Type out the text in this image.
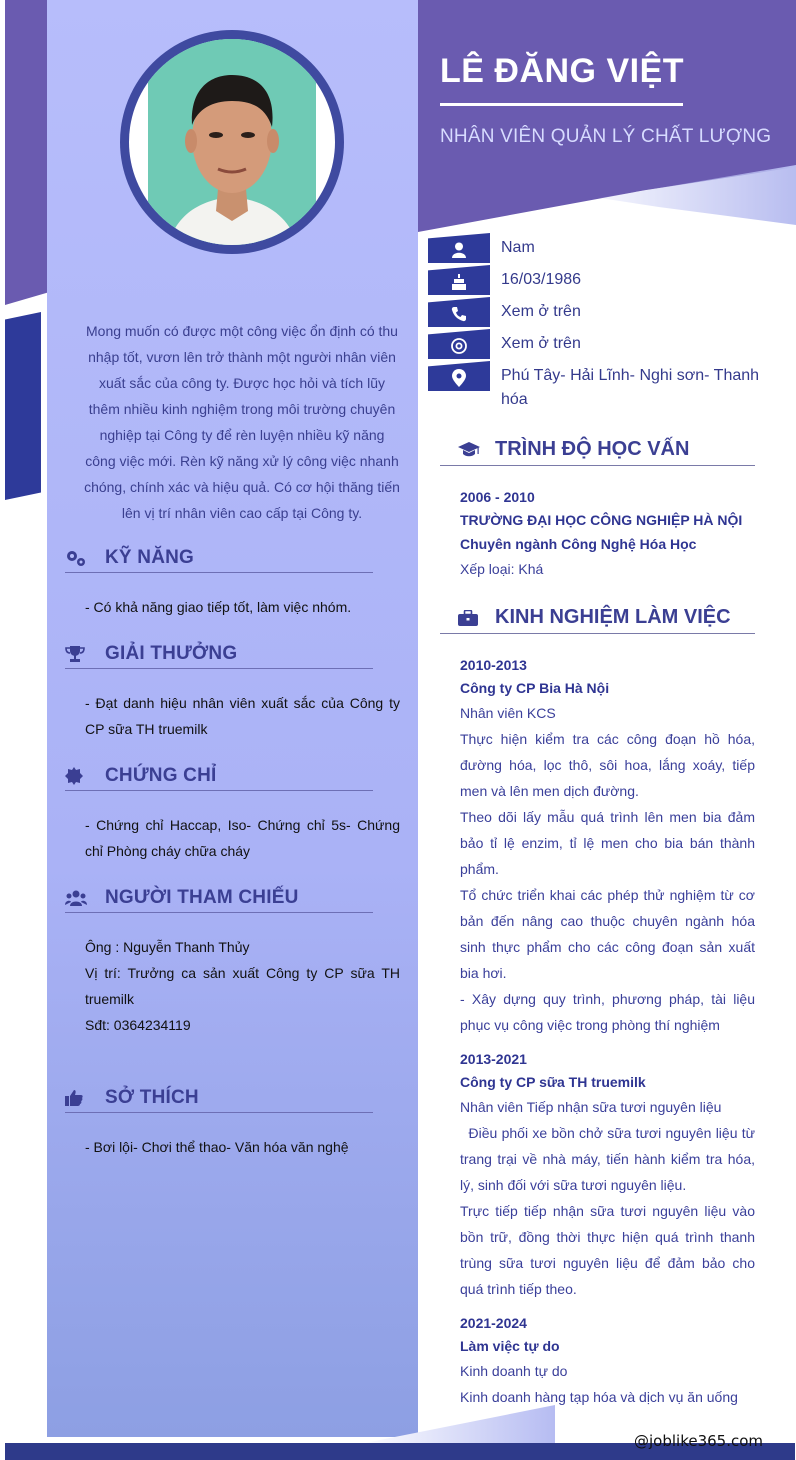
Mong muốn có được một công việc ổn định có thu nhập tốt, vươn lên trở thành một người nhân viên xuất sắc của công ty. Được học hỏi và tích lũy thêm nhiều kinh nghiệm trong môi trường chuyên nghiệp tại Công ty để rèn luyện nhiều kỹ năng công việc mới. Rèn kỹ năng xử lý công việc nhanh chóng, chính xác và hiệu quả. Có cơ hội thăng tiến lên vị trí nhân viên cao cấp tại Công ty.

KỸ NĂNG

- Có khả năng giao tiếp tốt, làm việc nhóm.

GIẢI THƯỞNG

- Đạt danh hiệu nhân viên xuất sắc của Công ty CP sữa TH truemilk

CHỨNG CHỈ

- Chứng chỉ Haccap, Iso- Chứng chỉ 5s- Chứng chỉ Phòng cháy chữa cháy

NGƯỜI THAM CHIẾU

Ông : Nguyễn Thanh Thủy

Vị trí: Trưởng ca sản xuất Công ty CP sữa TH truemilk

Sđt: 0364234119

SỞ THÍCH

- Bơi lội- Chơi thể thao- Văn hóa văn nghệ

LÊ ĐĂNG VIỆT
NHÂN VIÊN QUẢN LÝ CHẤT LƯỢNG
Nam
16/03/1986
Xem ở trên
Xem ở trên
Phú Tây- Hải Lĩnh- Nghi sơn- Thanh hóa
TRÌNH ĐỘ HỌC VẤN
2006 - 2010
TRƯỜNG ĐẠI HỌC CÔNG NGHIỆP HÀ NỘI
Chuyên ngành Công Nghệ Hóa Học

Xếp loại: Khá

KINH NGHIỆM LÀM VIỆC
2010-2013
Công ty CP Bia Hà Nội

Nhân viên KCS

Thực hiện kiểm tra các công đoạn hồ hóa, đường hóa, lọc thô, sôi hoa, lắng xoáy, tiếp men và lên men dịch đường.

Theo dõi lấy mẫu quá trình lên men bia đảm bảo tỉ lệ enzim, tỉ lệ men cho bia bán thành phẩm.

Tổ chức triển khai các phép thử nghiệm từ cơ bản đến nâng cao thuộc chuyên ngành hóa sinh thực phẩm cho các công đoạn sản xuất bia hơi.

- Xây dựng quy trình, phương pháp, tài liệu phục vụ công việc trong phòng thí nghiệm

2013-2021
Công ty CP sữa TH truemilk

Nhân viên Tiếp nhận sữa tươi nguyên liệu

Điều phối xe bồn chở sữa tươi nguyên liệu từ trang trại về nhà máy, tiến hành kiểm tra hóa, lý, sinh đối với sữa tươi nguyên liệu.

Trực tiếp tiếp nhận sữa tươi nguyên liệu vào bồn trữ, đồng thời thực hiện quá trình thanh trùng sữa tươi nguyên liệu để đảm bảo cho quá trình tiếp theo.

2021-2024
Làm việc tự do

Kinh doanh tự do

Kinh doanh hàng tạp hóa và dịch vụ ăn uống

@joblike365.com
